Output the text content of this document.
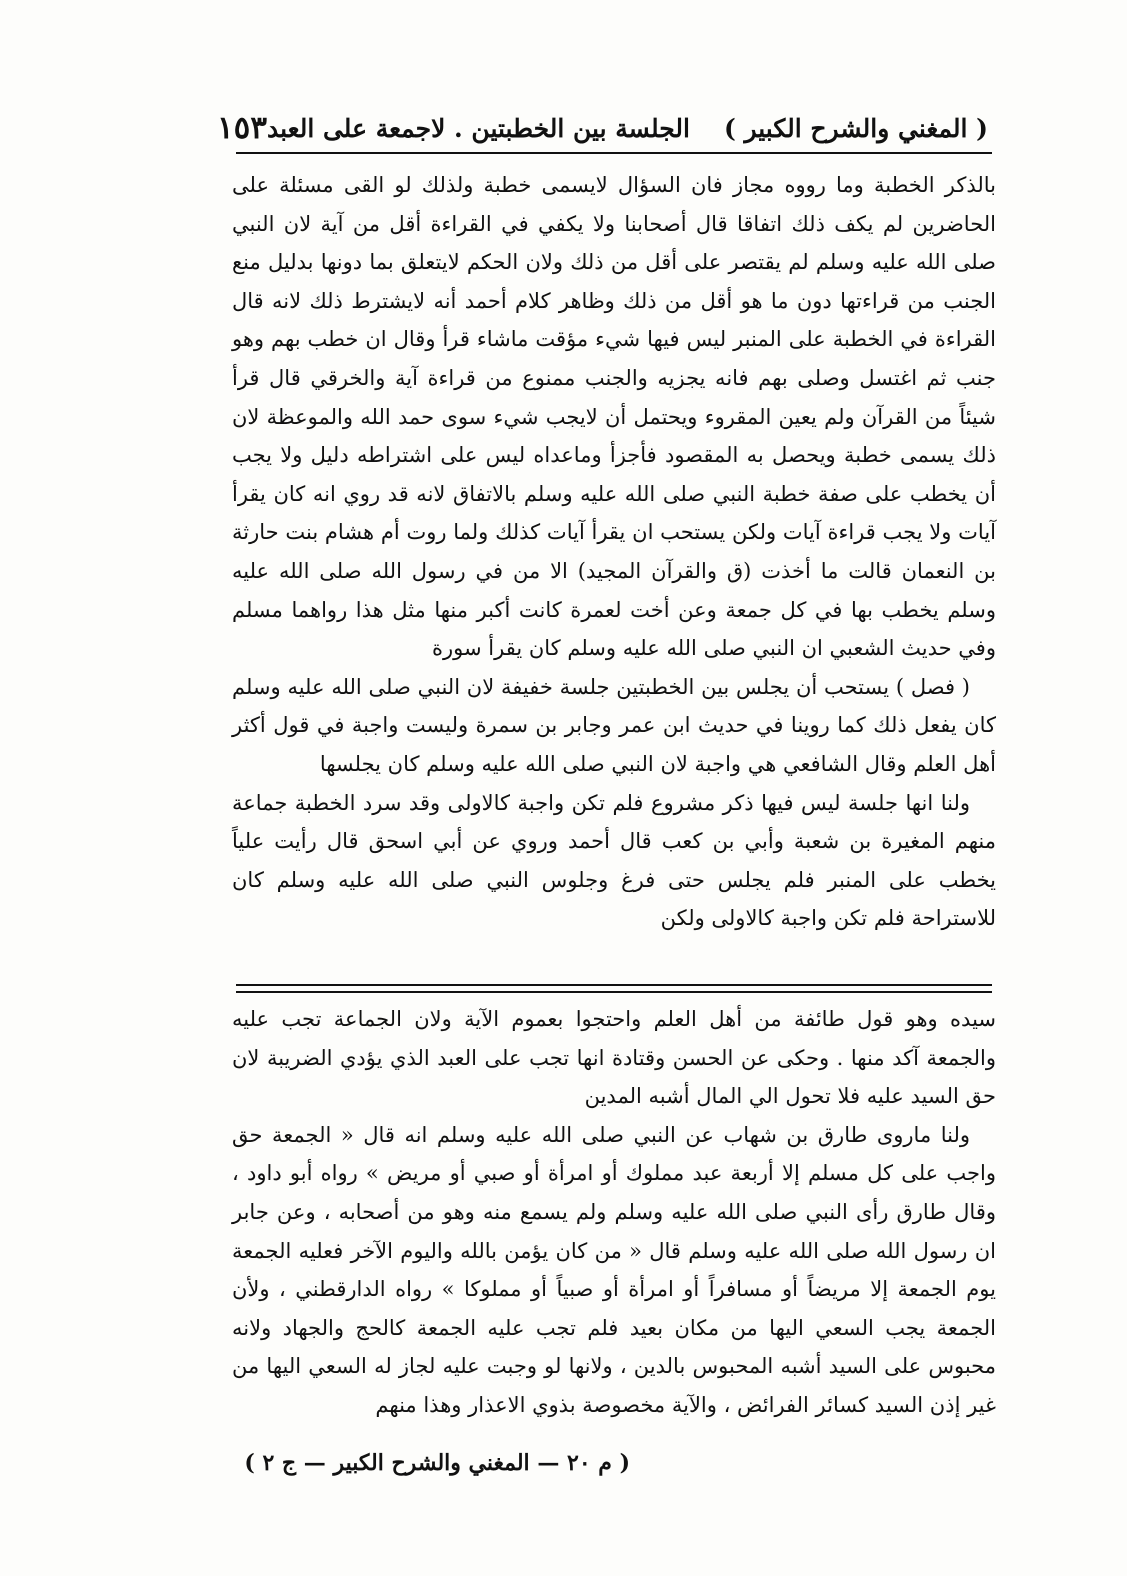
( المغني والشرح الكبير )
الجلسة بين الخطبتين . لاجمعة على العبد
١٥٣

بالذكر الخطبة وما رووه مجاز فان السؤال لايسمى خطبة ولذلك لو القى مسئلة على الحاضرين لم يكف ذلك اتفاقا قال أصحابنا ولا يكفي في القراءة أقل من آية لان النبي صلى الله عليه وسلم لم يقتصر على أقل من ذلك ولان الحكم لايتعلق بما دونها بدليل منع الجنب من قراءتها دون ما هو أقل من ذلك وظاهر كلام أحمد أنه لايشترط ذلك لانه قال القراءة في الخطبة على المنبر ليس فيها شيء مؤقت ماشاء قرأ وقال ان خطب بهم وهو جنب ثم اغتسل وصلى بهم فانه يجزيه والجنب ممنوع من قراءة آية والخرقي قال قرأ شيئاً من القرآن ولم يعين المقروء ويحتمل أن لايجب شيء سوى حمد الله والموعظة لان ذلك يسمى خطبة ويحصل به المقصود فأجزأ وماعداه ليس على اشتراطه دليل ولا يجب أن يخطب على صفة خطبة النبي صلى الله عليه وسلم بالاتفاق لانه قد روي انه كان يقرأ آيات ولا يجب قراءة آيات ولكن يستحب ان يقرأ آيات كذلك ولما روت أم هشام بنت حارثة بن النعمان قالت ما أخذت (ق والقرآن المجيد) الا من في رسول الله صلى الله عليه وسلم يخطب بها في كل جمعة وعن أخت لعمرة كانت أكبر منها مثل هذا رواهما مسلم وفي حديث الشعبي ان النبي صلى الله عليه وسلم كان يقرأ سورة

( فصل ) يستحب أن يجلس بين الخطبتين جلسة خفيفة لان النبي صلى الله عليه وسلم كان يفعل ذلك كما روينا في حديث ابن عمر وجابر بن سمرة وليست واجبة في قول أكثر أهل العلم وقال الشافعي هي واجبة لان النبي صلى الله عليه وسلم كان يجلسها

ولنا انها جلسة ليس فيها ذكر مشروع فلم تكن واجبة كالاولى وقد سرد الخطبة جماعة منهم المغيرة بن شعبة وأبي بن كعب قال أحمد وروي عن أبي اسحق قال رأيت علياً يخطب على المنبر فلم يجلس حتى فرغ وجلوس النبي صلى الله عليه وسلم كان للاستراحة فلم تكن واجبة كالاولى ولكن

سيده وهو قول طائفة من أهل العلم واحتجوا بعموم الآية ولان الجماعة تجب عليه والجمعة آكد منها . وحكى عن الحسن وقتادة انها تجب على العبد الذي يؤدي الضريبة لان حق السيد عليه فلا تحول الي المال أشبه المدين

ولنا ماروى طارق بن شهاب عن النبي صلى الله عليه وسلم انه قال « الجمعة حق واجب على كل مسلم إلا أربعة عبد مملوك أو امرأة أو صبي أو مريض » رواه أبو داود ، وقال طارق رأى النبي صلى الله عليه وسلم ولم يسمع منه وهو من أصحابه ، وعن جابر ان رسول الله صلى الله عليه وسلم قال « من كان يؤمن بالله واليوم الآخر فعليه الجمعة يوم الجمعة إلا مريضاً أو مسافراً أو امرأة أو صبياً أو مملوكا » رواه الدارقطني ، ولأن الجمعة يجب السعي اليها من مكان بعيد فلم تجب عليه الجمعة كالحج والجهاد ولانه محبوس على السيد أشبه المحبوس بالدين ، ولانها لو وجبت عليه لجاز له السعي اليها من غير إذن السيد كسائر الفرائض ، والآية مخصوصة بذوي الاعذار وهذا منهم

( م ٢٠ — المغني والشرح الكبير — ج ٢ )
